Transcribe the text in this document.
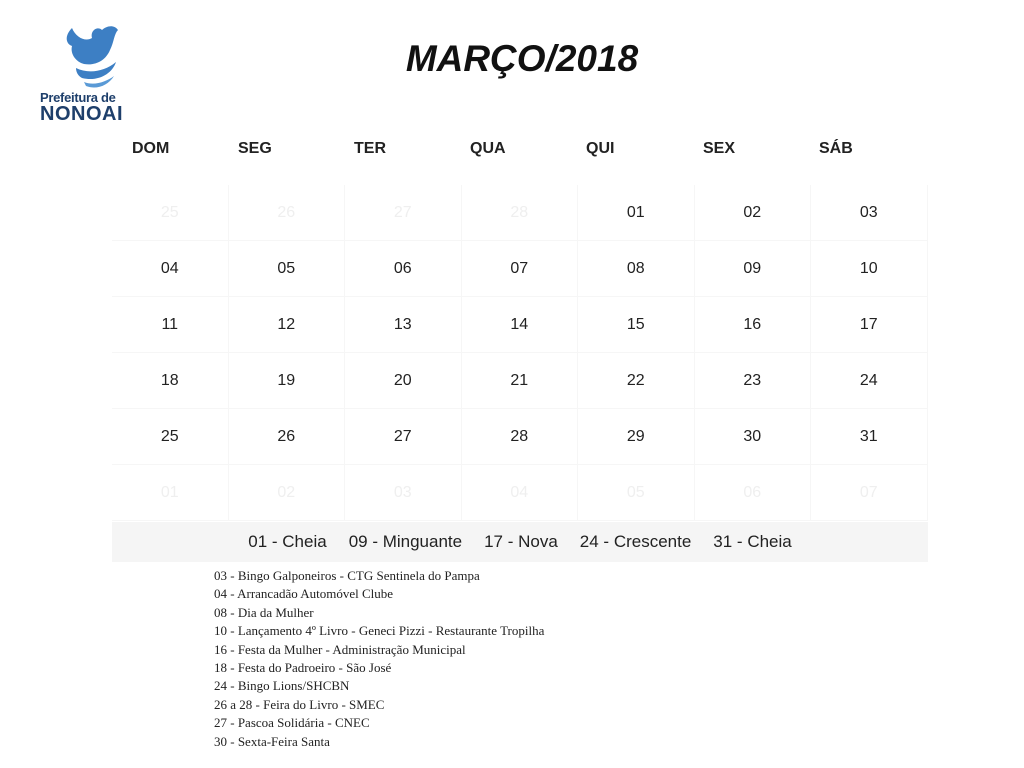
Prefeitura de
NONOAI
MARÇO/2018
DOM	SEG	TER	QUA	QUI	SEX	SÁB
25	26	27	28	01	02	03
04	05	06	07	08	09	10
11	12	13	14	15	16	17
18	19	20	21	22	23	24
25	26	27	28	29	30	31
01	02	03	04	05	06	07
01 - Cheia 09 - Minguante 17 - Nova 24 - Crescente 31 - Cheia
03 - Bingo Galponeiros - CTG Sentinela do Pampa
04 - Arrancadão Automóvel Clube
08 - Dia da Mulher
10 - Lançamento 4º Livro - Geneci Pizzi - Restaurante Tropilha
16 - Festa da Mulher - Administração Municipal
18 - Festa do Padroeiro - São José
24 - Bingo Lions/SHCBN
26 a 28 - Feira do Livro - SMEC
27 - Pascoa Solidária - CNEC
30 - Sexta-Feira Santa
